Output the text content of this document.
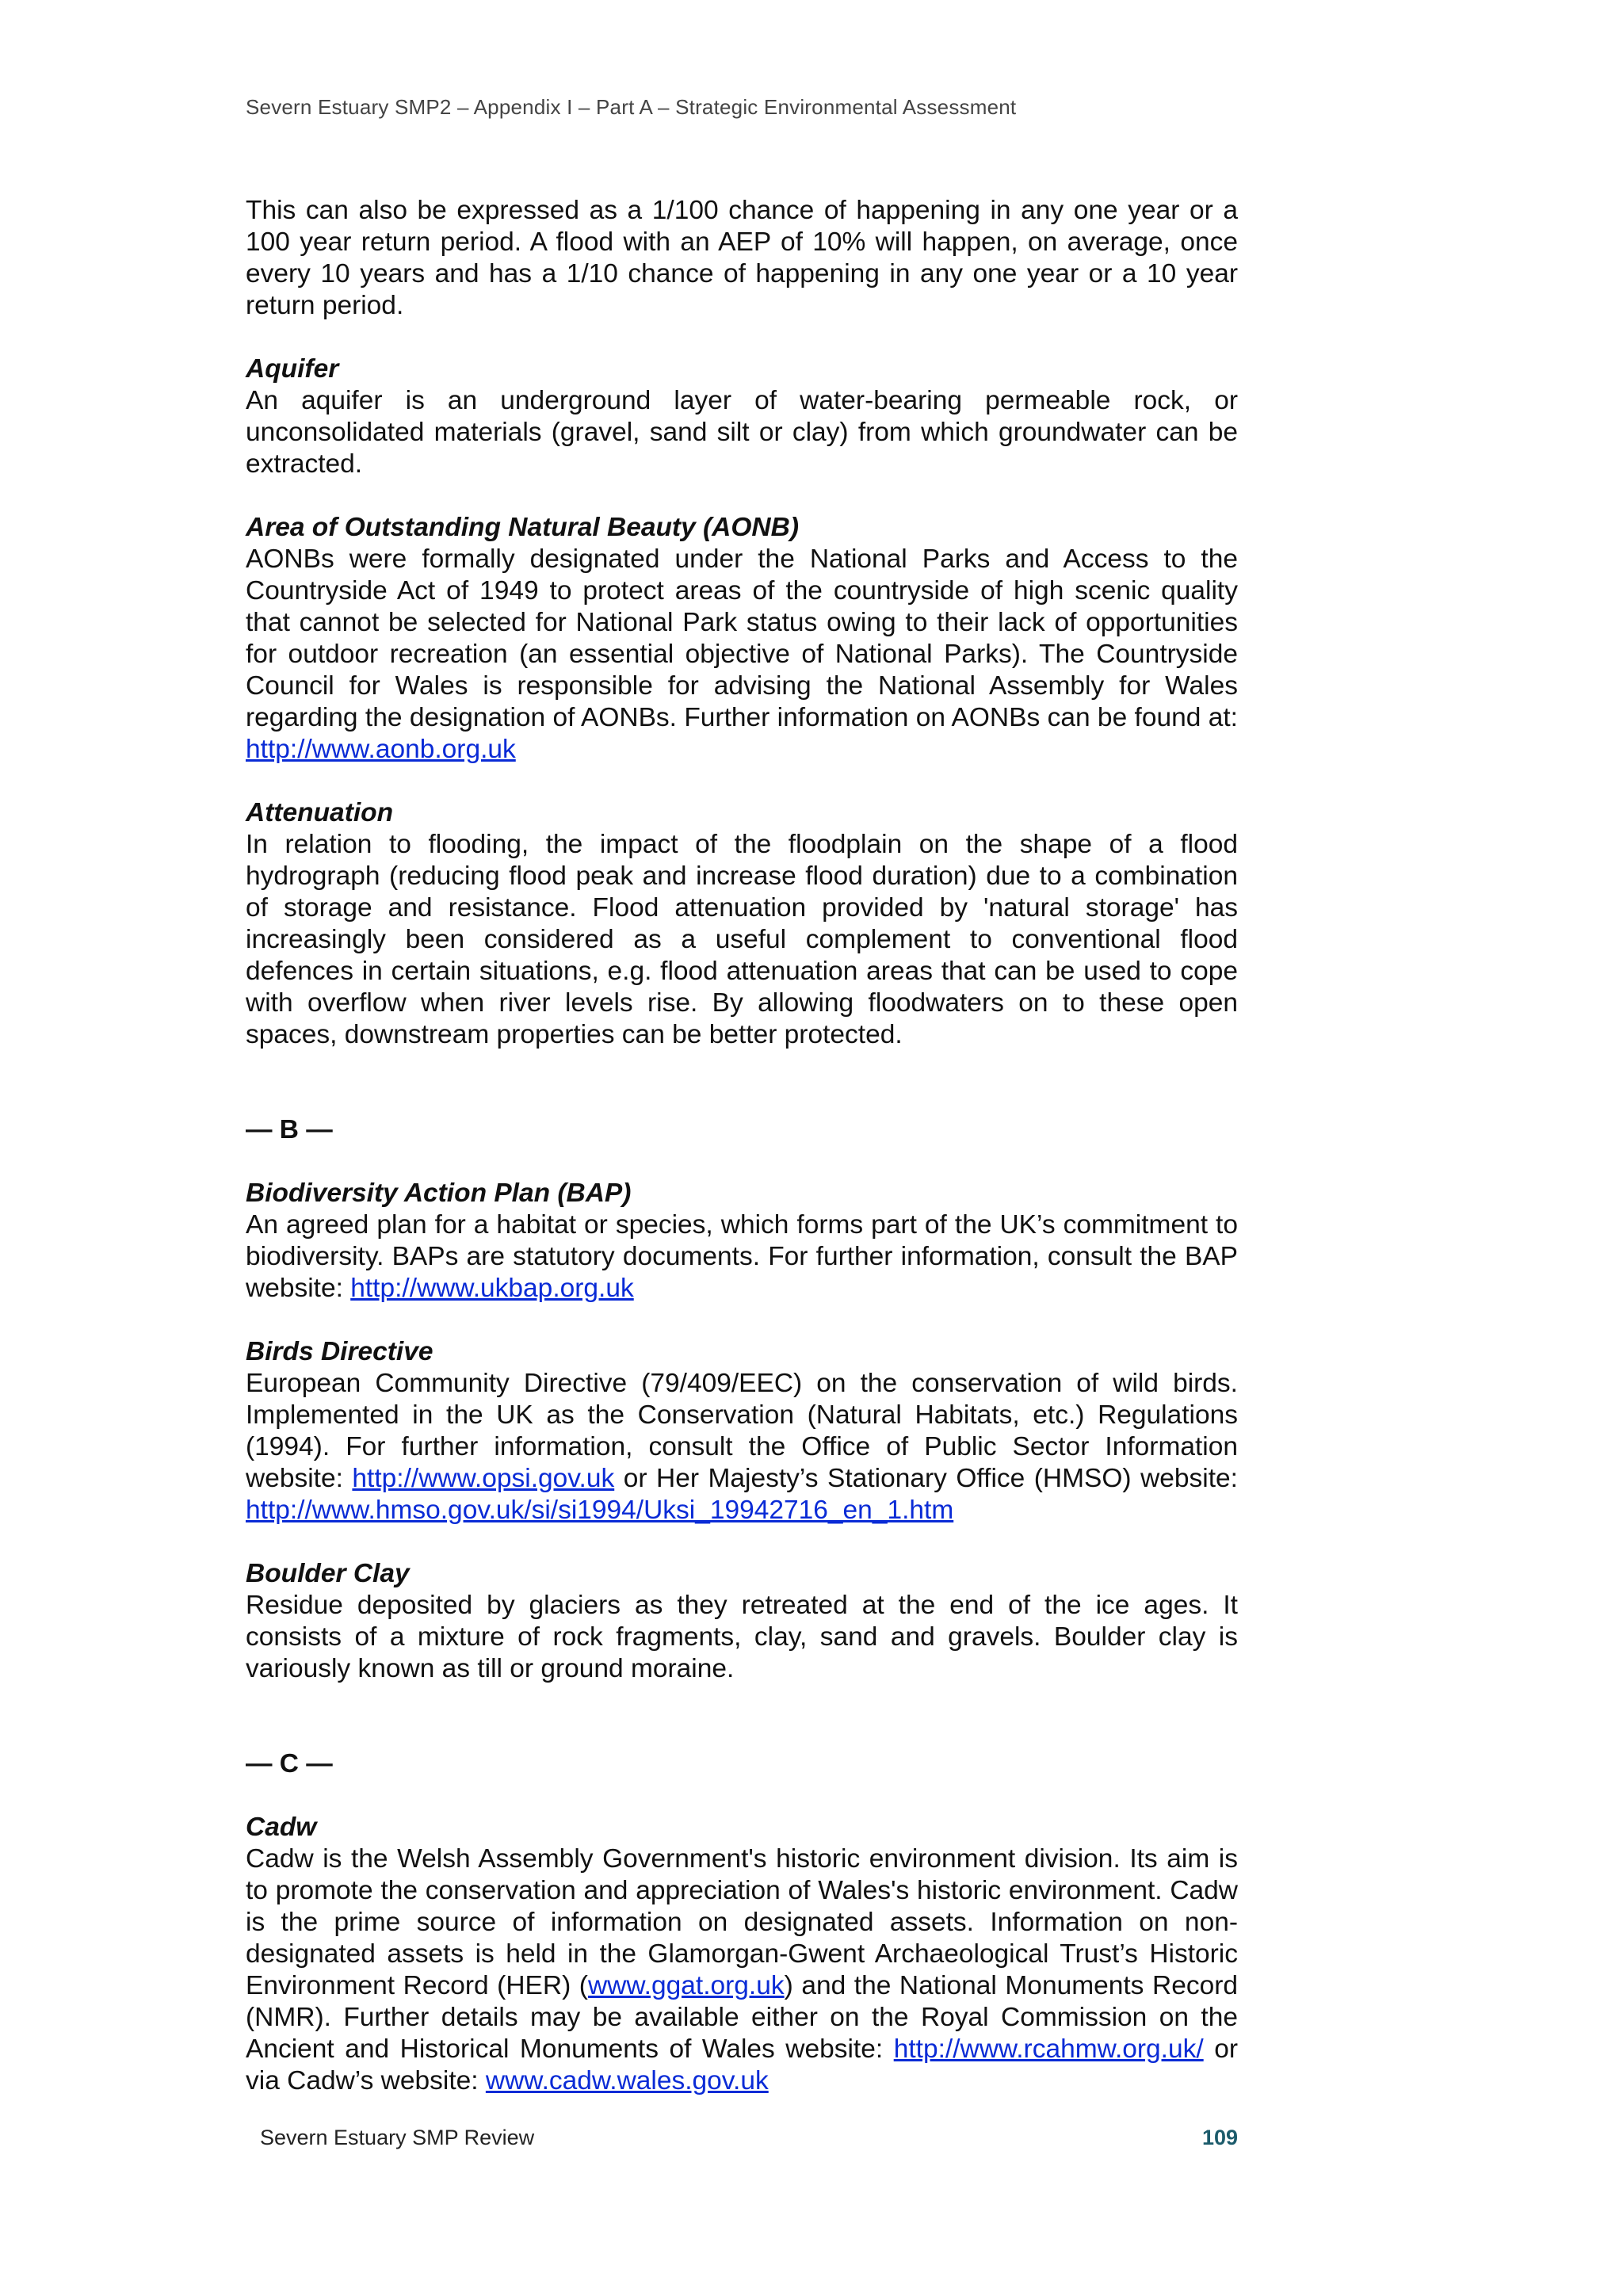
Severn Estuary SMP2 – Appendix I – Part A – Strategic Environmental Assessment

This can also be expressed as a 1/100 chance of happening in any one year or a 100 year return period. A flood with an AEP of 10% will happen, on average, once every 10 years and has a 1/10 chance of happening in any one year or a 10 year return period.

Aquifer

An aquifer is an underground layer of water-bearing permeable rock, or unconsolidated materials (gravel, sand silt or clay) from which groundwater can be extracted.

Area of Outstanding Natural Beauty (AONB)

AONBs were formally designated under the National Parks and Access to the Countryside Act of 1949 to protect areas of the countryside of high scenic quality that cannot be selected for National Park status owing to their lack of opportunities for outdoor recreation (an essential objective of National Parks). The Countryside Council for Wales is responsible for advising the National Assembly for Wales regarding the designation of AONBs. Further information on AONBs can be found at: http://www.aonb.org.uk

Attenuation

In relation to flooding, the impact of the floodplain on the shape of a flood hydrograph (reducing flood peak and increase flood duration) due to a combination of storage and resistance. Flood attenuation provided by 'natural storage' has increasingly been considered as a useful complement to conventional flood defences in certain situations, e.g. flood attenuation areas that can be used to cope with overflow when river levels rise. By allowing floodwaters on to these open spaces, downstream properties can be better protected.

— B —

Biodiversity Action Plan (BAP)

An agreed plan for a habitat or species, which forms part of the UK’s commitment to biodiversity. BAPs are statutory documents. For further information, consult the BAP website: http://www.ukbap.org.uk

Birds Directive

European Community Directive (79/409/EEC) on the conservation of wild birds. Implemented in the UK as the Conservation (Natural Habitats, etc.) Regulations (1994). For further information, consult the Office of Public Sector Information website: http://www.opsi.gov.uk or Her Majesty’s Stationary Office (HMSO) website: http://www.hmso.gov.uk/si/si1994/Uksi_19942716_en_1.htm

Boulder Clay

Residue deposited by glaciers as they retreated at the end of the ice ages. It consists of a mixture of rock fragments, clay, sand and gravels. Boulder clay is variously known as till or ground moraine.

— C —

Cadw

Cadw is the Welsh Assembly Government's historic environment division. Its aim is to promote the conservation and appreciation of Wales's historic environment. Cadw is the prime source of information on designated assets. Information on non-designated assets is held in the Glamorgan-Gwent Archaeological Trust’s Historic Environment Record (HER) (www.ggat.org.uk) and the National Monuments Record (NMR). Further details may be available either on the Royal Commission on the Ancient and Historical Monuments of Wales website: http://www.rcahmw.org.uk/ or via Cadw’s website: www.cadw.wales.gov.uk

Severn Estuary SMP Review	109
